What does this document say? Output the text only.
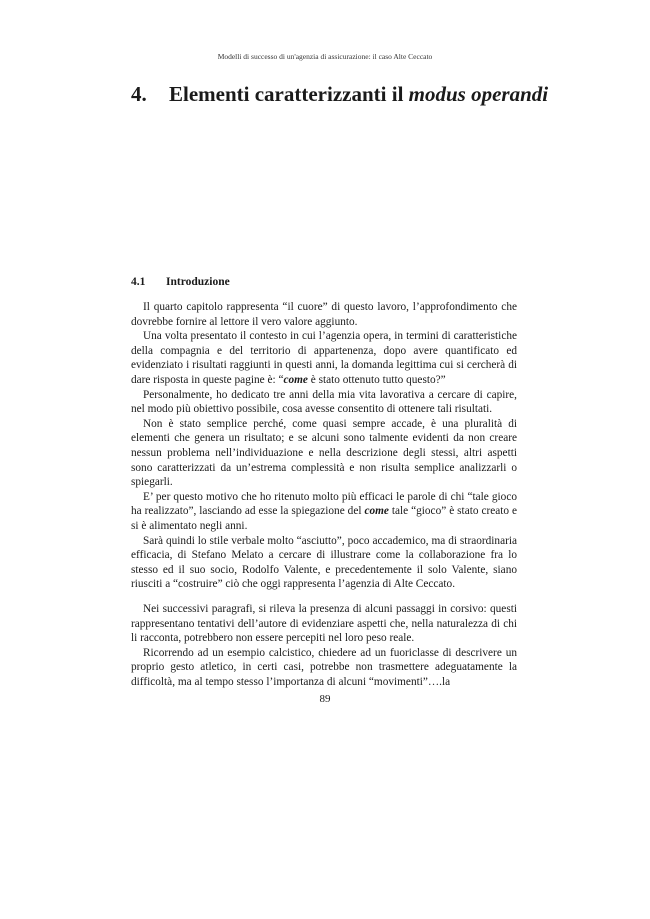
Modelli di successo di un'agenzia di assicurazione: il caso Alte Ceccato
4. Elementi caratterizzanti il modus operandi
4.1 Introduzione

Il quarto capitolo rappresenta “il cuore” di questo lavoro, l’approfondimento che dovrebbe fornire al lettore il vero valore aggiunto.

Una volta presentato il contesto in cui l’agenzia opera, in termini di caratteristiche della compagnia e del territorio di appartenenza, dopo avere quantificato ed evidenziato i risultati raggiunti in questi anni, la domanda legittima cui si cercherà di dare risposta in queste pagine è: “come è stato ottenuto tutto questo?”

Personalmente, ho dedicato tre anni della mia vita lavorativa a cercare di capire, nel modo più obiettivo possibile, cosa avesse consentito di ottenere tali risultati.

Non è stato semplice perché, come quasi sempre accade, è una pluralità di elementi che genera un risultato; e se alcuni sono talmente evidenti da non creare nessun problema nell’individuazione e nella descrizione degli stessi, altri aspetti sono caratterizzati da un’estrema complessità e non risulta semplice analizzarli o spiegarli.

E’ per questo motivo che ho ritenuto molto più efficaci le parole di chi “tale gioco ha realizzato”, lasciando ad esse la spiegazione del come tale “gioco” è stato creato e si è alimentato negli anni.

Sarà quindi lo stile verbale molto “asciutto”, poco accademico, ma di straordinaria efficacia, di Stefano Melato a cercare di illustrare come la collaborazione fra lo stesso ed il suo socio, Rodolfo Valente, e precedentemente il solo Valente, siano riusciti a “costruire” ciò che oggi rappresenta l’agenzia di Alte Ceccato.

Nei successivi paragrafi, si rileva la presenza di alcuni passaggi in corsivo: questi rappresentano tentativi dell’autore di evidenziare aspetti che, nella naturalezza di chi li racconta, potrebbero non essere percepiti nel loro peso reale.

Ricorrendo ad un esempio calcistico, chiedere ad un fuoriclasse di descrivere un proprio gesto atletico, in certi casi, potrebbe non trasmettere adeguatamente la difficoltà, ma al tempo stesso l’importanza di alcuni “movimenti”….la

89
